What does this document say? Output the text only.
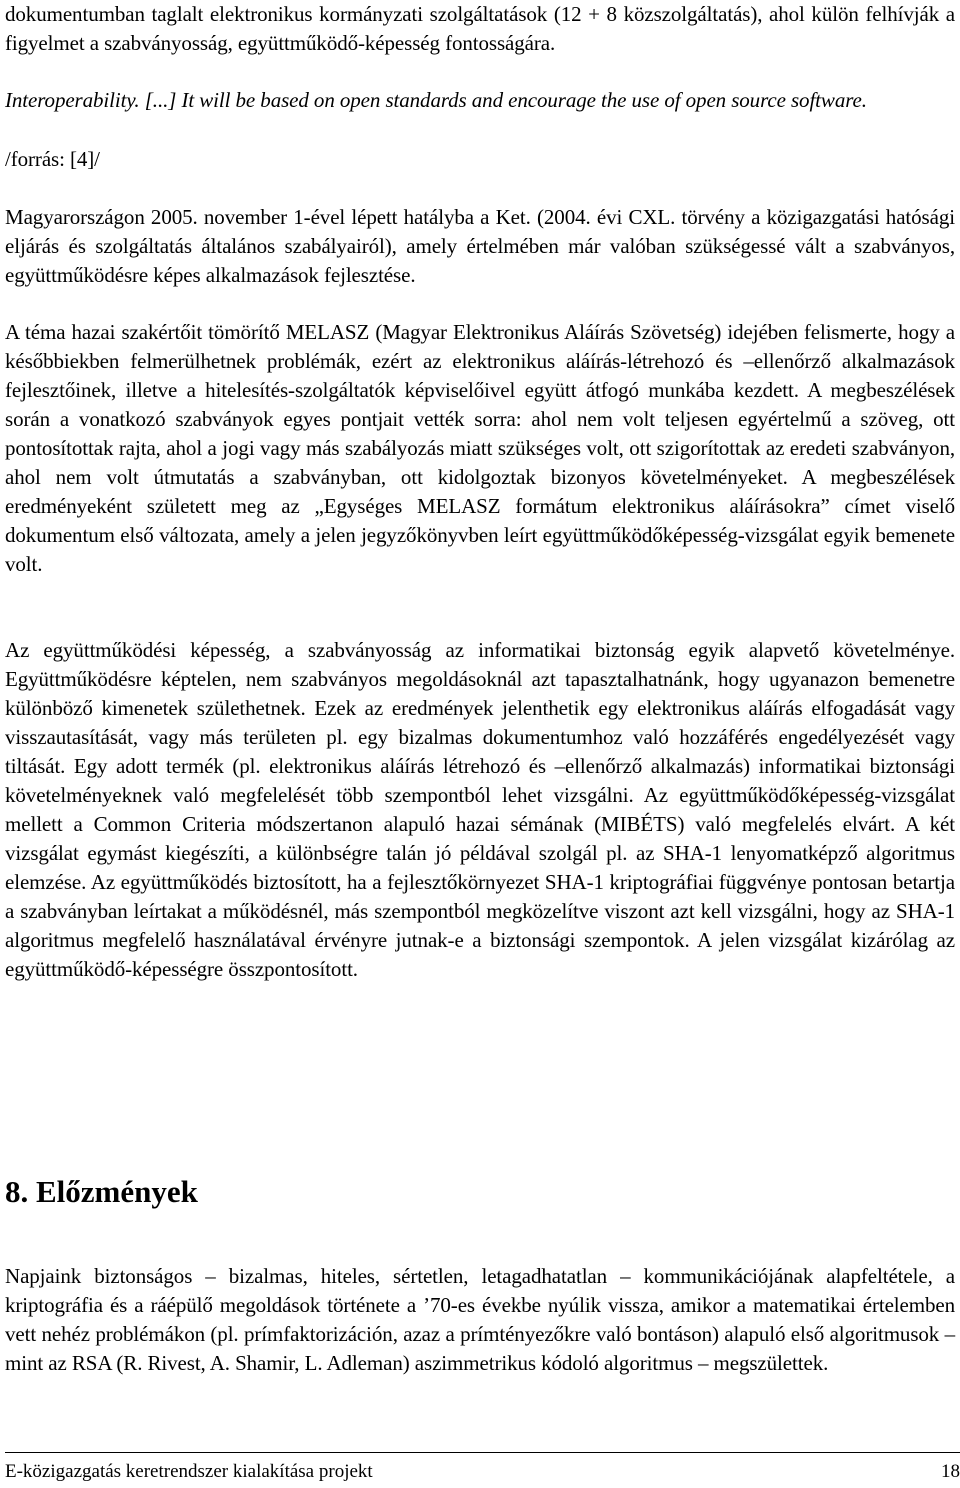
dokumentumban taglalt elektronikus kormányzati szolgáltatások (12 + 8 közszolgáltatás), ahol külön felhívják a figyelmet a szabványosság, együttműködő-képesség fontosságára.

Interoperability. [...] It will be based on open standards and encourage the use of open source software.

/forrás: [4]/

Magyarországon 2005. november 1-ével lépett hatályba a Ket. (2004. évi CXL. törvény a közigazgatási hatósági eljárás és szolgáltatás általános szabályairól), amely értelmében már valóban szükségessé vált a szabványos, együttműködésre képes alkalmazások fejlesztése.

A téma hazai szakértőit tömörítő MELASZ (Magyar Elektronikus Aláírás Szövetség) idejében felismerte, hogy a későbbiekben felmerülhetnek problémák, ezért az elektronikus aláírás-létrehozó és –ellenőrző alkalmazások fejlesztőinek, illetve a hitelesítés-szolgáltatók képviselőivel együtt átfogó munkába kezdett. A megbeszélések során a vonatkozó szabványok egyes pontjait vették sorra: ahol nem volt teljesen egyértelmű a szöveg, ott pontosítottak rajta, ahol a jogi vagy más szabályozás miatt szükséges volt, ott szigorítottak az eredeti szabványon, ahol nem volt útmutatás a szabványban, ott kidolgoztak bizonyos követelményeket. A megbeszélések eredményeként született meg az „Egységes MELASZ formátum elektronikus aláírásokra” címet viselő dokumentum első változata, amely a jelen jegyzőkönyvben leírt együttműködőképesség-vizsgálat egyik bemenete volt.

Az együttműködési képesség, a szabványosság az informatikai biztonság egyik alapvető követelménye. Együttműködésre képtelen, nem szabványos megoldásoknál azt tapasztalhatnánk, hogy ugyanazon bemenetre különböző kimenetek születhetnek. Ezek az eredmények jelenthetik egy elektronikus aláírás elfogadását vagy visszautasítását, vagy más területen pl. egy bizalmas dokumentumhoz való hozzáférés engedélyezését vagy tiltását. Egy adott termék (pl. elektronikus aláírás létrehozó és –ellenőrző alkalmazás) informatikai biztonsági követelményeknek való megfelelését több szempontból lehet vizsgálni. Az együttműködőképesség-vizsgálat mellett a Common Criteria módszertanon alapuló hazai sémának (MIBÉTS) való megfelelés elvárt. A két vizsgálat egymást kiegészíti, a különbségre talán jó példával szolgál pl. az SHA-1 lenyomatképző algoritmus elemzése. Az együttműködés biztosított, ha a fejlesztőkörnyezet SHA-1 kriptográfiai függvénye pontosan betartja a szabványban leírtakat a működésnél, más szempontból megközelítve viszont azt kell vizsgálni, hogy az SHA-1 algoritmus megfelelő használatával érvényre jutnak-e a biztonsági szempontok. A jelen vizsgálat kizárólag az együttműködő-képességre összpontosított.

8. Előzmények

Napjaink biztonságos – bizalmas, hiteles, sértetlen, letagadhatatlan – kommunikációjának alapfeltétele, a kriptográfia és a ráépülő megoldások története a ’70-es évekbe nyúlik vissza, amikor a matematikai értelemben vett nehéz problémákon (pl. prímfaktorizáción, azaz a prímtényezőkre való bontáson) alapuló első algoritmusok – mint az RSA (R. Rivest, A. Shamir, L. Adleman) aszimmetrikus kódoló algoritmus – megszülettek.

E-közigazgatás keretrendszer kialakítása projekt	18
